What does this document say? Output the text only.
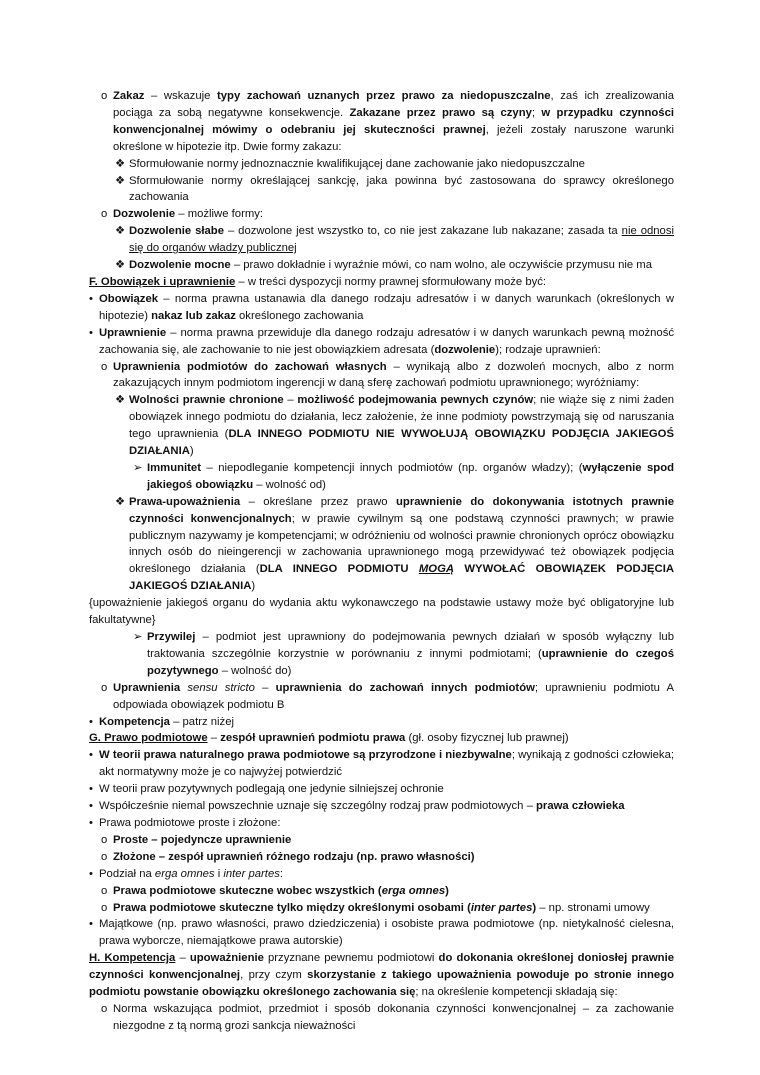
o Zakaz – wskazuje typy zachowań uznanych przez prawo za niedopuszczalne, zaś ich zrealizowania pociąga za sobą negatywne konsekwencje. Zakazane przez prawo są czyny; w przypadku czynności konwencjonalnej mówimy o odebraniu jej skuteczności prawnej, jeżeli zostały naruszone warunki określone w hipotezie itp. Dwie formy zakazu:
❖ Sformułowanie normy jednoznacznie kwalifikującej dane zachowanie jako niedopuszczalne
❖ Sformułowanie normy określającej sankcję, jaka powinna być zastosowana do sprawcy określonego zachowania
o Dozwolenie – możliwe formy:
❖ Dozwolenie słabe – dozwolone jest wszystko to, co nie jest zakazane lub nakazane; zasada ta nie odnosi się do organów władzy publicznej
❖ Dozwolenie mocne – prawo dokładnie i wyraźnie mówi, co nam wolno, ale oczywiście przymusu nie ma
F. Obowiązek i uprawnienie – w treści dyspozycji normy prawnej sformułowany może być:
• Obowiązek – norma prawna ustanawia dla danego rodzaju adresatów i w danych warunkach (określonych w hipotezie) nakaz lub zakaz określonego zachowania
• Uprawnienie – norma prawna przewiduje dla danego rodzaju adresatów i w danych warunkach pewną możność zachowania się, ale zachowanie to nie jest obowiązkiem adresata (dozwolenie); rodzaje uprawnień:
o Uprawnienia podmiotów do zachowań własnych – wynikają albo z dozwoleń mocnych, albo z norm zakazujących innym podmiotom ingerencji w daną sferę zachowań podmiotu uprawnionego; wyróżniamy:
❖ Wolności prawnie chronione – możliwość podejmowania pewnych czynów; nie wiąże się z nimi żaden obowiązek innego podmiotu do działania, lecz założenie, że inne podmioty powstrzymają się od naruszania tego uprawnienia (DLA INNEGO PODMIOTU NIE WYWOŁUJĄ OBOWIĄZKU PODJĘCIA JAKIEGOŚ DZIAŁANIA)
➢ Immunitet – niepodleganie kompetencji innych podmiotów (np. organów władzy); (wyłączenie spod jakiegoś obowiązku – wolność od)
❖ Prawa-upoważnienia – określane przez prawo uprawnienie do dokonywania istotnych prawnie czynności konwencjonalnych; w prawie cywilnym są one podstawą czynności prawnych; w prawie publicznym nazywamy je kompetencjami; w odróżnieniu od wolności prawnie chronionych oprócz obowiązku innych osób do nieingerencji w zachowania uprawnionego mogą przewidywać też obowiązek podjęcia określonego działania (DLA INNEGO PODMIOTU MOGĄ WYWOŁAĆ OBOWIĄZEK PODJĘCIA JAKIEGOŚ DZIAŁANIA)
{upoważnienie jakiegoś organu do wydania aktu wykonawczego na podstawie ustawy może być obligatoryjne lub fakultatywne}
➢ Przywilej – podmiot jest uprawniony do podejmowania pewnych działań w sposób wyłączny lub traktowania szczególnie korzystnie w porównaniu z innymi podmiotami; (uprawnienie do czegoś pozytywnego – wolność do)
o Uprawnienia sensu stricto – uprawnienia do zachowań innych podmiotów; uprawnieniu podmiotu A odpowiada obowiązek podmiotu B
• Kompetencja – patrz niżej
G. Prawo podmiotowe – zespół uprawnień podmiotu prawa (gł. osoby fizycznej lub prawnej)
• W teorii prawa naturalnego prawa podmiotowe są przyrodzone i niezbywalne; wynikają z godności człowieka; akt normatywny może je co najwyżej potwierdzić
• W teorii praw pozytywnych podlegają one jedynie silniejszej ochronie
• Współcześnie niemal powszechnie uznaje się szczególny rodzaj praw podmiotowych – prawa człowieka
• Prawa podmiotowe proste i złożone:
o Proste – pojedyncze uprawnienie
o Złożone – zespół uprawnień różnego rodzaju (np. prawo własności)
• Podział na erga omnes i inter partes:
o Prawa podmiotowe skuteczne wobec wszystkich (erga omnes)
o Prawa podmiotowe skuteczne tylko między określonymi osobami (inter partes) – np. stronami umowy
• Majątkowe (np. prawo własności, prawo dziedziczenia) i osobiste prawa podmiotowe (np. nietykalność cielesna, prawa wyborcze, niemajątkowe prawa autorskie)
H. Kompetencja – upoważnienie przyznane pewnemu podmiotowi do dokonania określonej doniosłej prawnie czynności konwencjonalnej, przy czym skorzystanie z takiego upoważnienia powoduje po stronie innego podmiotu powstanie obowiązku określonego zachowania się; na określenie kompetencji składają się:
o Norma wskazująca podmiot, przedmiot i sposób dokonania czynności konwencjonalnej – za zachowanie niezgodne z tą normą grozi sankcja nieważności
